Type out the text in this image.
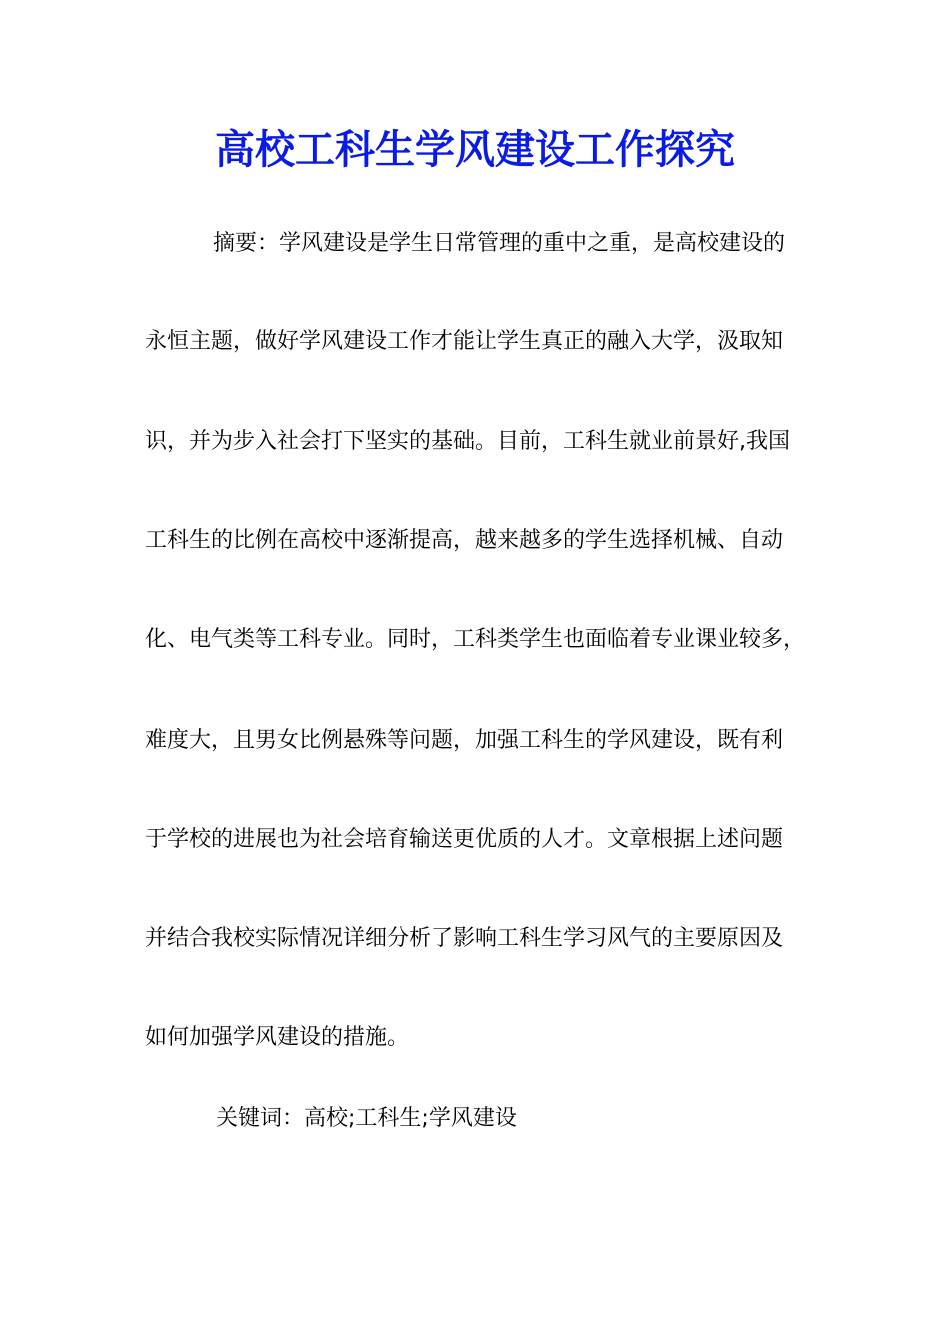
高校工科生学风建设工作探究
摘要：学风建设是学生日常管理的重中之重，是高校建设的
永恒主题，做好学风建设工作才能让学生真正的融入大学，汲取知
识，并为步入社会打下坚实的基础。目前，工科生就业前景好,我国
工科生的比例在高校中逐渐提高，越来越多的学生选择机械、自动
化、电气类等工科专业。同时，工科类学生也面临着专业课业较多，
难度大，且男女比例悬殊等问题，加强工科生的学风建设，既有利
于学校的进展也为社会培育输送更优质的人才。文章根据上述问题
并结合我校实际情况详细分析了影响工科生学习风气的主要原因及
如何加强学风建设的措施。
关键词：高校;工科生;学风建设
